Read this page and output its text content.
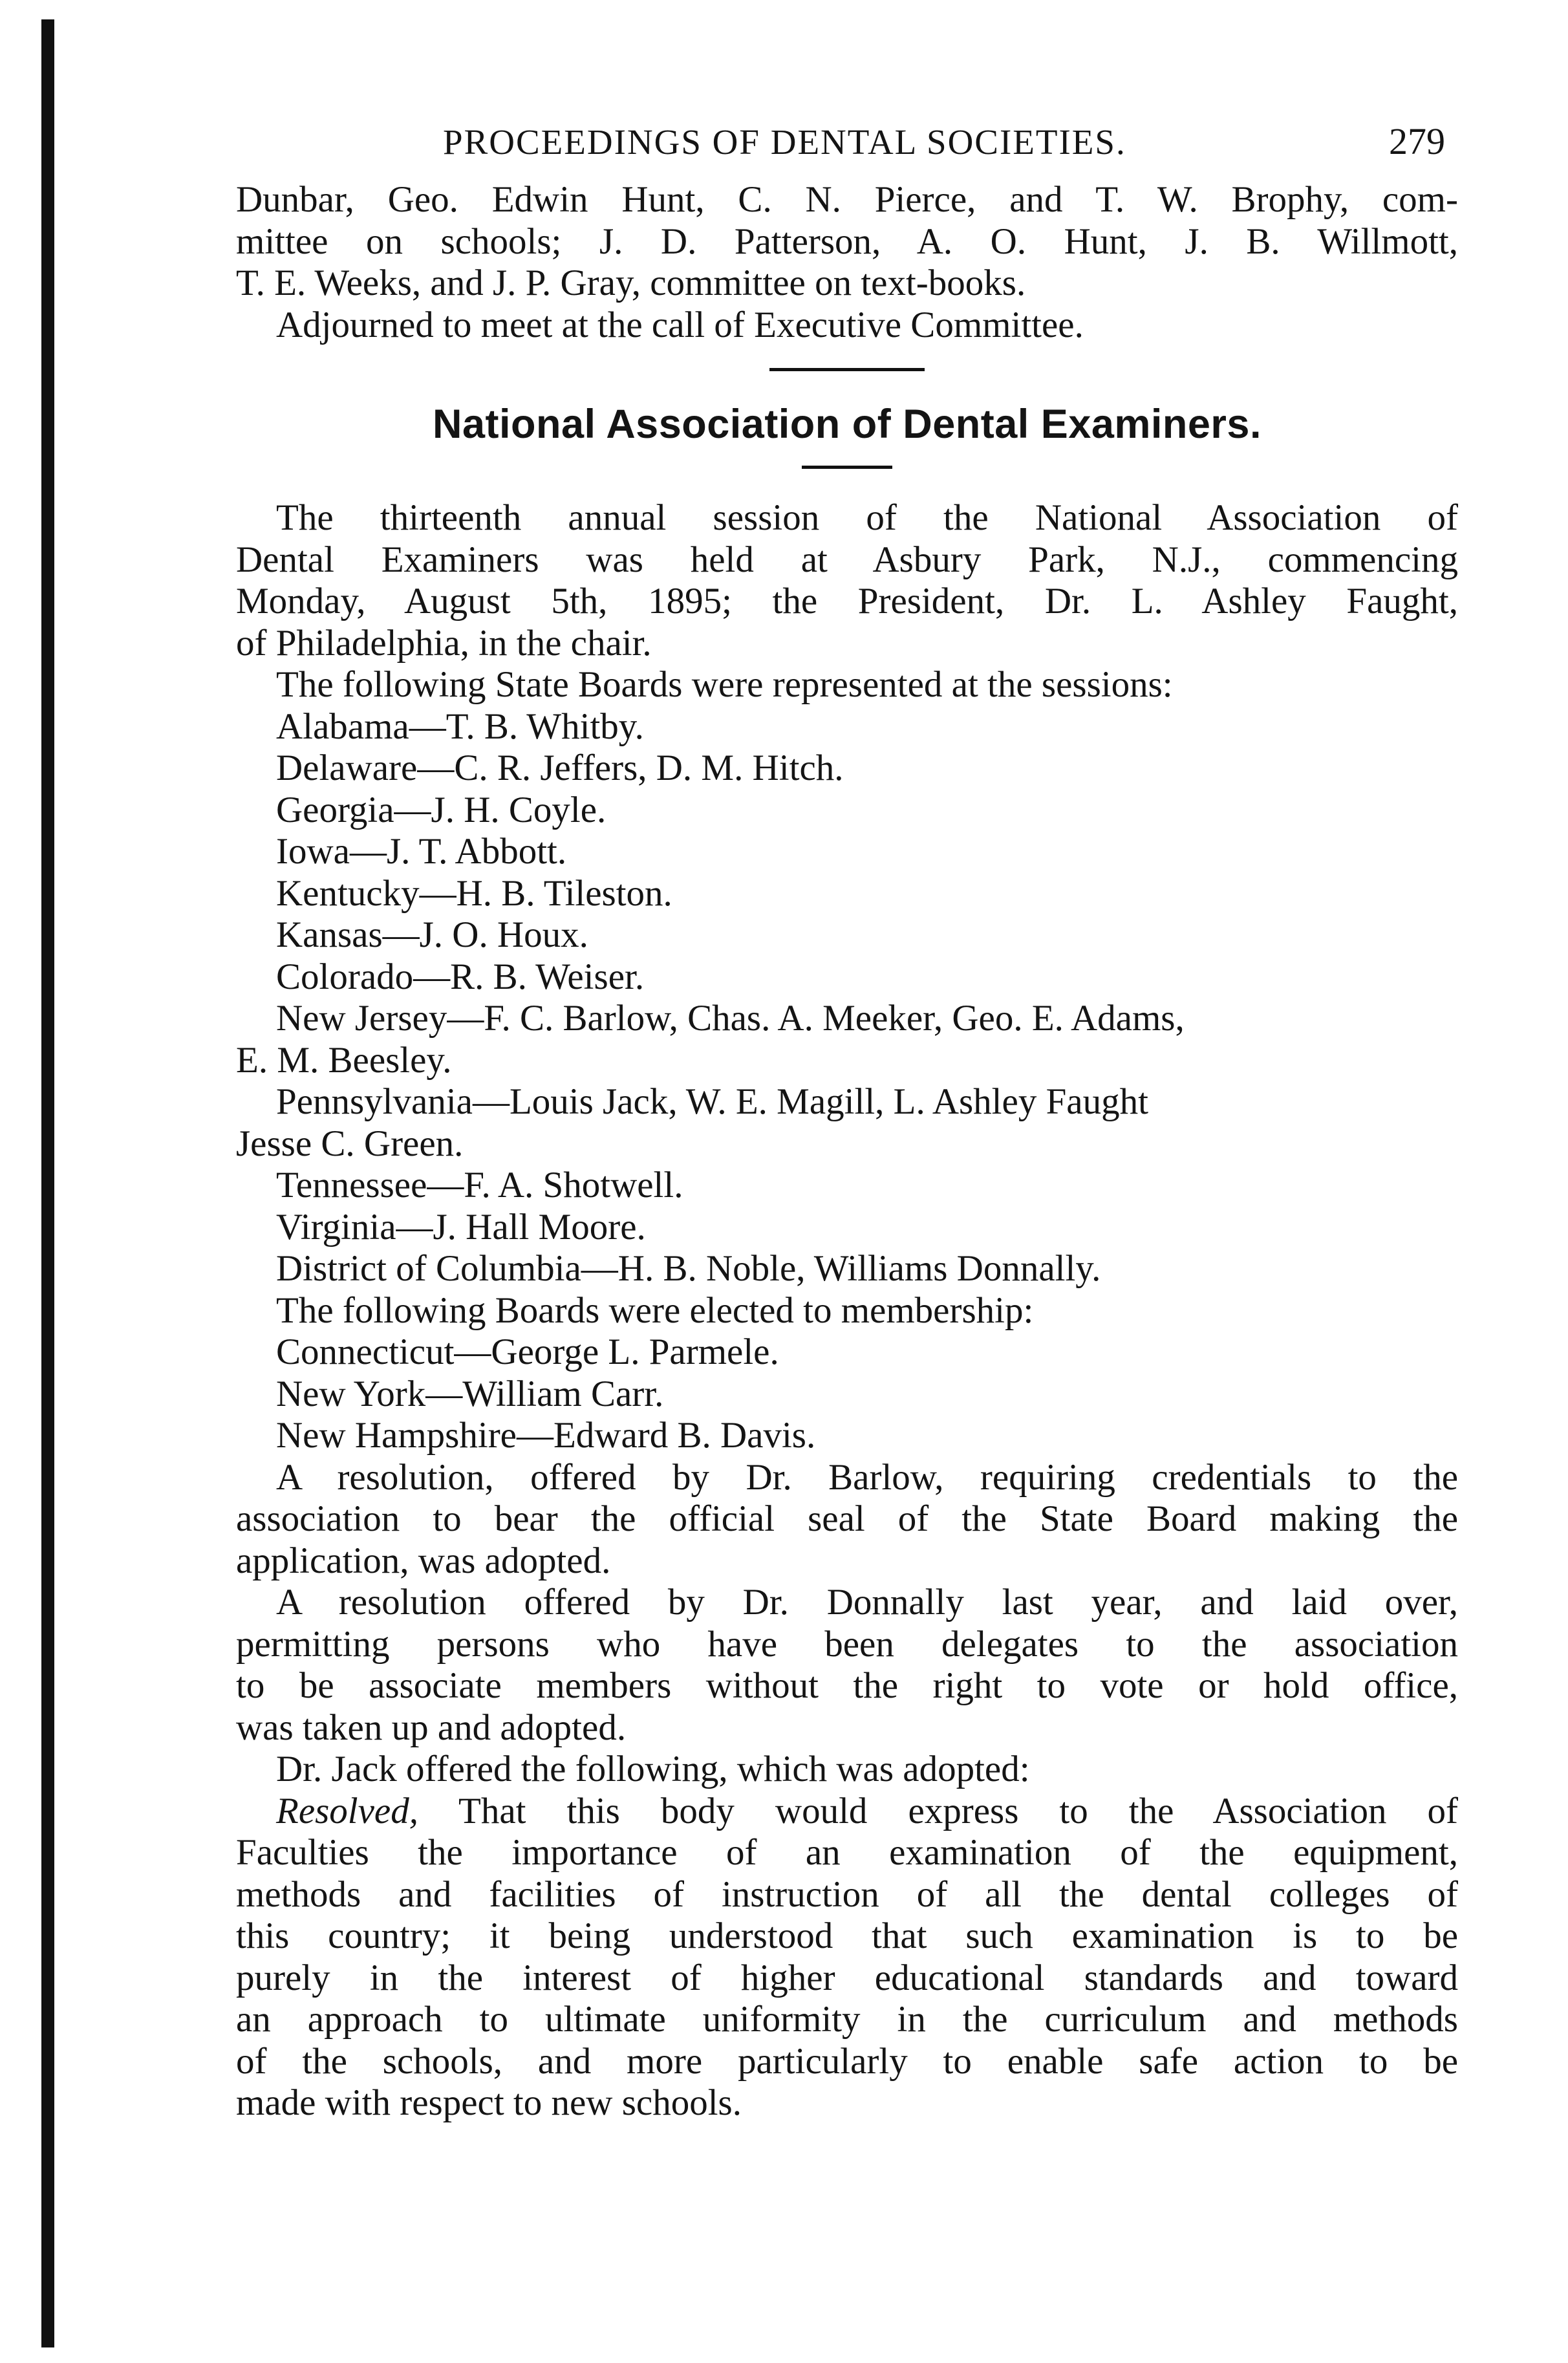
PROCEEDINGS OF DENTAL SOCIETIES.	279
Dunbar, Geo. Edwin Hunt, C. N. Pierce, and T. W. Brophy, com-
mittee on schools; J. D. Patterson, A. O. Hunt, J. B. Willmott,
T. E. Weeks, and J. P. Gray, committee on text-books.
Adjourned to meet at the call of Executive Committee.
National Association of Dental Examiners.
The thirteenth annual session of the National Association of
Dental Examiners was held at Asbury Park, N.J., commencing
Monday, August 5th, 1895; the President, Dr. L. Ashley Faught,
of Philadelphia, in the chair.
The following State Boards were represented at the sessions:
Alabama—T. B. Whitby.
Delaware—C. R. Jeffers, D. M. Hitch.
Georgia—J. H. Coyle.
Iowa—J. T. Abbott.
Kentucky—H. B. Tileston.
Kansas—J. O. Houx.
Colorado—R. B. Weiser.
New Jersey—F. C. Barlow, Chas. A. Meeker, Geo. E. Adams,
E. M. Beesley.
Pennsylvania—Louis Jack, W. E. Magill, L. Ashley Faught
Jesse C. Green.
Tennessee—F. A. Shotwell.
Virginia—J. Hall Moore.
District of Columbia—H. B. Noble, Williams Donnally.
The following Boards were elected to membership:
Connecticut—George L. Parmele.
New York—William Carr.
New Hampshire—Edward B. Davis.
A resolution, offered by Dr. Barlow, requiring credentials to the
association to bear the official seal of the State Board making the
application, was adopted.
A resolution offered by Dr. Donnally last year, and laid over,
permitting persons who have been delegates to the association
to be associate members without the right to vote or hold office,
was taken up and adopted.
Dr. Jack offered the following, which was adopted:
Resolved, That this body would express to the Association of
Faculties the importance of an examination of the equipment,
methods and facilities of instruction of all the dental colleges of
this country; it being understood that such examination is to be
purely in the interest of higher educational standards and toward
an approach to ultimate uniformity in the curriculum and methods
of the schools, and more particularly to enable safe action to be
made with respect to new schools.
